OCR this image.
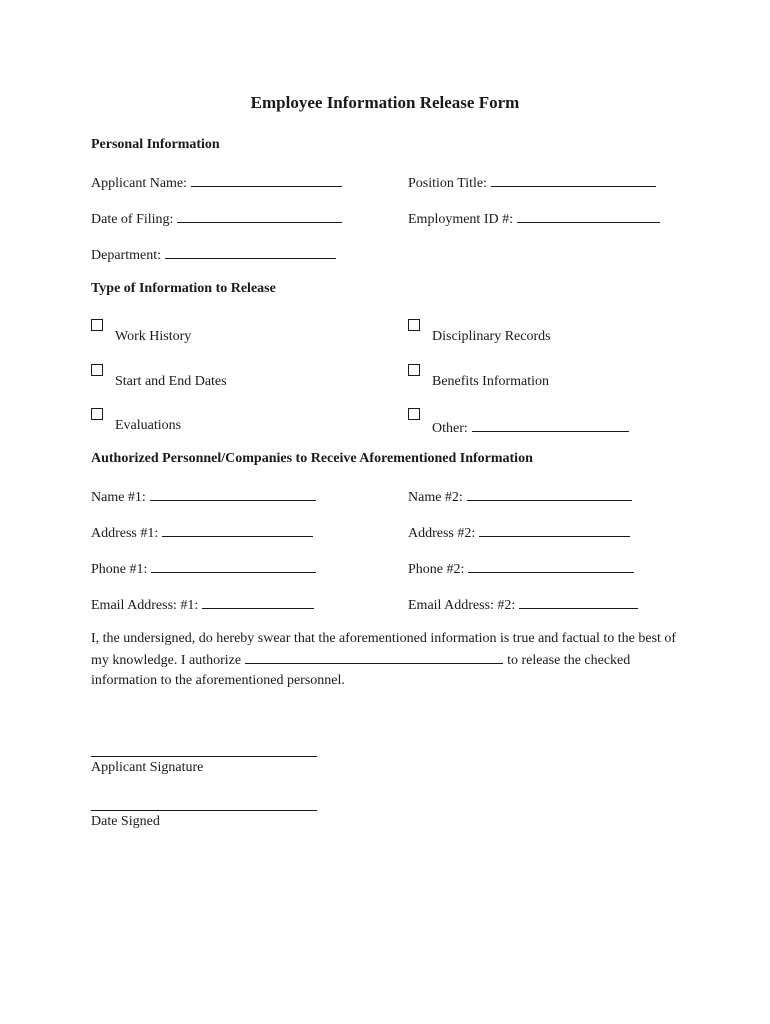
Employee Information Release Form
Personal Information
Applicant Name:	Position Title:
Date of Filing:	Employment ID #:
Department:
Type of Information to Release
Work History	Disciplinary Records
Start and End Dates	Benefits Information
Evaluations	Other:
Authorized Personnel/Companies to Receive Aforementioned Information
Name #1:	Name #2:
Address #1:	Address #2:
Phone #1:	Phone #2:
Email Address: #1:	Email Address: #2:
I, the undersigned, do hereby swear that the aforementioned information is true and factual to the best of my knowledge. I authorize	to release the checked information to the aforementioned personnel.
Applicant Signature
Date Signed
